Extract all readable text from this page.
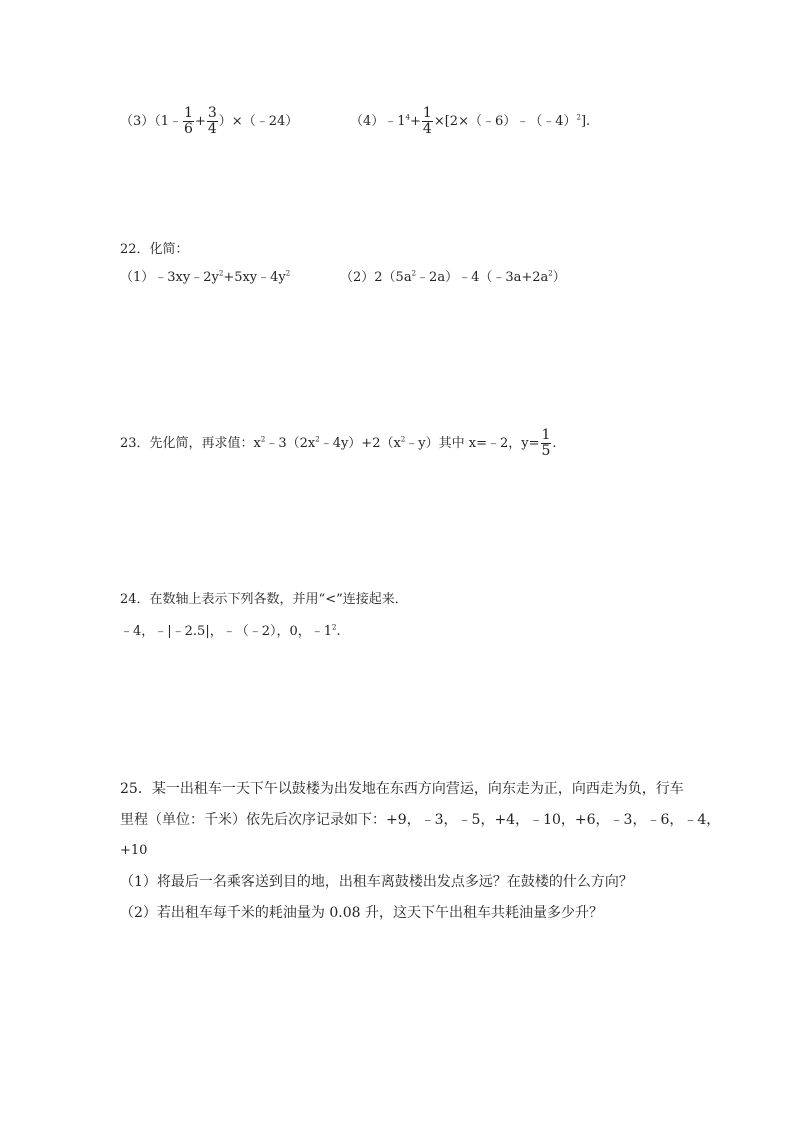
（3）（1﹣ $\frac{1}{6} + \frac{3}{4}$ ）×（﹣24）	$(4)﹣1^4+ \frac{1}{4}$ ×[2×（﹣6）﹣（﹣4）$^2$].
22．化简：
$(1)﹣3xy﹣2y^2+5xy﹣4y^2$	$(2)2(5a^2﹣2a)﹣4(﹣3a+2a^2)$
23．先化简，再求值：$x^2﹣3(2x^2﹣4y)+2(x^2﹣y)$其中 x=﹣2，$y= \frac{1}{5}$ .
24．在数轴上表示下列各数，并用“<”连接起来．
﹣4，﹣|﹣2.5|，﹣（﹣2），0，$﹣1^2$.
25．某一出租车一天下午以鼓楼为出发地在东西方向营运，向东走为正，向西走为负，行车
里程（单位：千米）依先后次序记录如下：+9，﹣3，﹣5，+4，﹣10，+6，﹣3，﹣6，﹣4，
+10
（1）将最后一名乘客送到目的地，出租车离鼓楼出发点多远？在鼓楼的什么方向？
（2）若出租车每千米的耗油量为 0.08 升，这天下午出租车共耗油量多少升？
